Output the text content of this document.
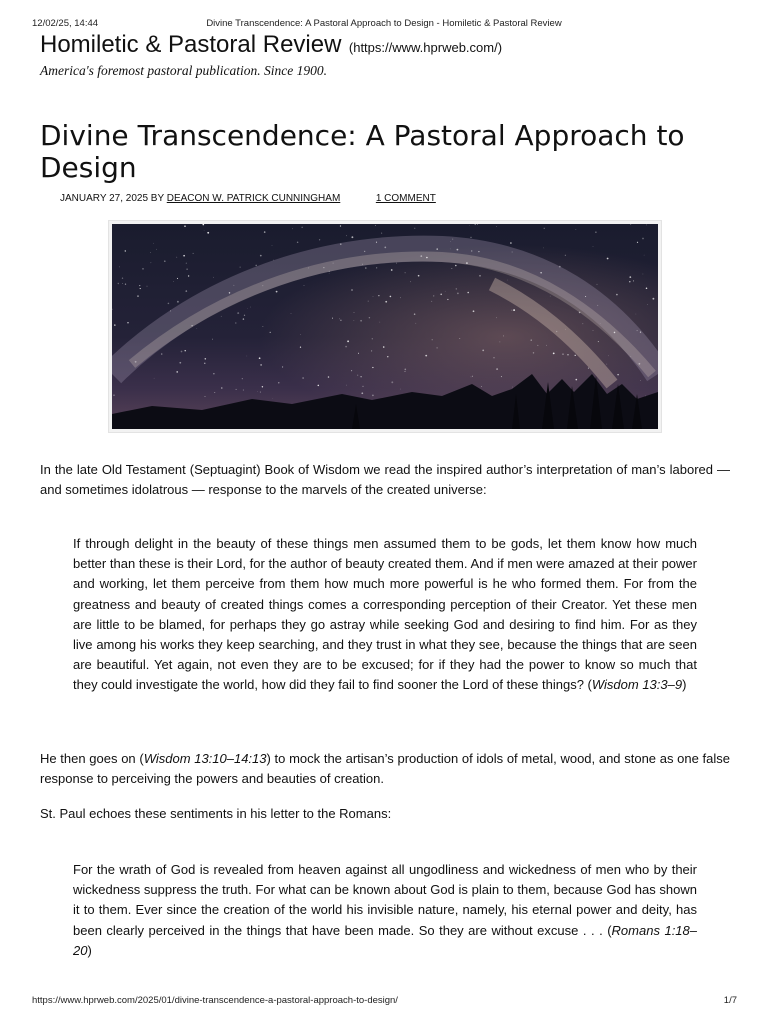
12/02/25, 14:44	Divine Transcendence: A Pastoral Approach to Design - Homiletic & Pastoral Review
Homiletic & Pastoral Review (https://www.hprweb.com/)
America's foremost pastoral publication. Since 1900.
Divine Transcendence: A Pastoral Approach to Design
JANUARY 27, 2025 BY DEACON W. PATRICK CUNNINGHAM	1 COMMENT

In the late Old Testament (Septuagint) Book of Wisdom we read the inspired author’s interpretation of man’s labored — and sometimes idolatrous — response to the marvels of the created universe:

If through delight in the beauty of these things men assumed them to be gods, let them know how much better than these is their Lord, for the author of beauty created them. And if men were amazed at their power and working, let them perceive from them how much more powerful is he who formed them. For from the greatness and beauty of created things comes a corresponding perception of their Creator. Yet these men are little to be blamed, for perhaps they go astray while seeking God and desiring to find him. For as they live among his works they keep searching, and they trust in what they see, because the things that are seen are beautiful. Yet again, not even they are to be excused; for if they had the power to know so much that they could investigate the world, how did they fail to find sooner the Lord of these things? (Wisdom 13:3–9)

He then goes on (Wisdom 13:10–14:13) to mock the artisan’s production of idols of metal, wood, and stone as one false response to perceiving the powers and beauties of creation.

St. Paul echoes these sentiments in his letter to the Romans:

For the wrath of God is revealed from heaven against all ungodliness and wickedness of men who by their wickedness suppress the truth. For what can be known about God is plain to them, because God has shown it to them. Ever since the creation of the world his invisible nature, namely, his eternal power and deity, has been clearly perceived in the things that have been made. So they are without excuse . . . (Romans 1:18–20)

https://www.hprweb.com/2025/01/divine-transcendence-a-pastoral-approach-to-design/	1/7
